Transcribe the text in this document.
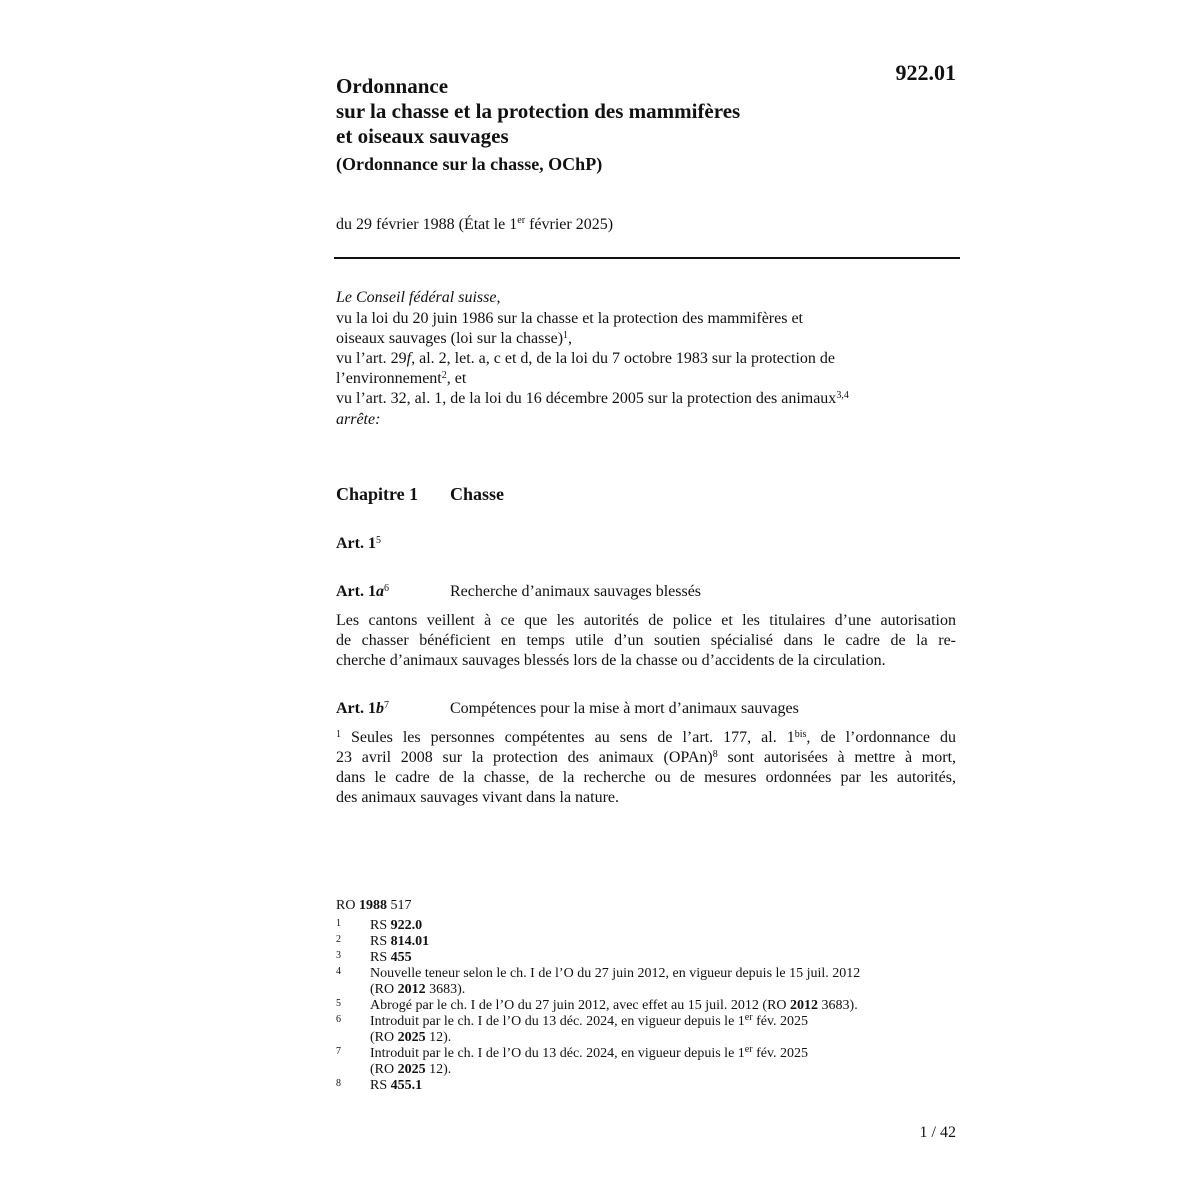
922.01
Ordonnance
sur la chasse et la protection des mammifères
et oiseaux sauvages
(Ordonnance sur la chasse, OChP)
du 29 février 1988 (État le 1er février 2025)
Le Conseil fédéral suisse,
vu la loi du 20 juin 1986 sur la chasse et la protection des mammifères et
oiseaux sauvages (loi sur la chasse)$^1$,
vu l’art. 29f, al. 2, let. a, c et d, de la loi du 7 octobre 1983 sur la protection de
l’environnement$^2$, et
vu l’art. 32, al. 1, de la loi du 16 décembre 2005 sur la protection des animaux$^{3,4}$
arrête:
Chapitre 1 Chasse
Art. 1$^5$
Art. 1a$^6$	Recherche d’animaux sauvages blessés
Les cantons veillent à ce que les autorités de police et les titulaires d’une autorisation
de chasser bénéficient en temps utile d’un soutien spécialisé dans le cadre de la re-
cherche d’animaux sauvages blessés lors de la chasse ou d’accidents de la circulation.
Art. 1b$^7$	Compétences pour la mise à mort d’animaux sauvages
$^1$ Seules les personnes compétentes au sens de l’art. 177, al. 1$^{bis}$, de l’ordonnance du
23 avril 2008 sur la protection des animaux (OPAn)$^8$ sont autorisées à mettre à mort,
dans le cadre de la chasse, de la recherche ou de mesures ordonnées par les autorités,
des animaux sauvages vivant dans la nature.
RO 1988 517
1 RS 922.0
2 RS 814.01
3 RS 455
4 Nouvelle teneur selon le ch. I de l’O du 27 juin 2012, en vigueur depuis le 15 juil. 2012
(RO 2012 3683).
5 Abrogé par le ch. I de l’O du 27 juin 2012, avec effet au 15 juil. 2012 (RO 2012 3683).
6 Introduit par le ch. I de l’O du 13 déc. 2024, en vigueur depuis le 1er fév. 2025
(RO 2025 12).
7 Introduit par le ch. I de l’O du 13 déc. 2024, en vigueur depuis le 1er fév. 2025
(RO 2025 12).
8 RS 455.1
1 / 42
